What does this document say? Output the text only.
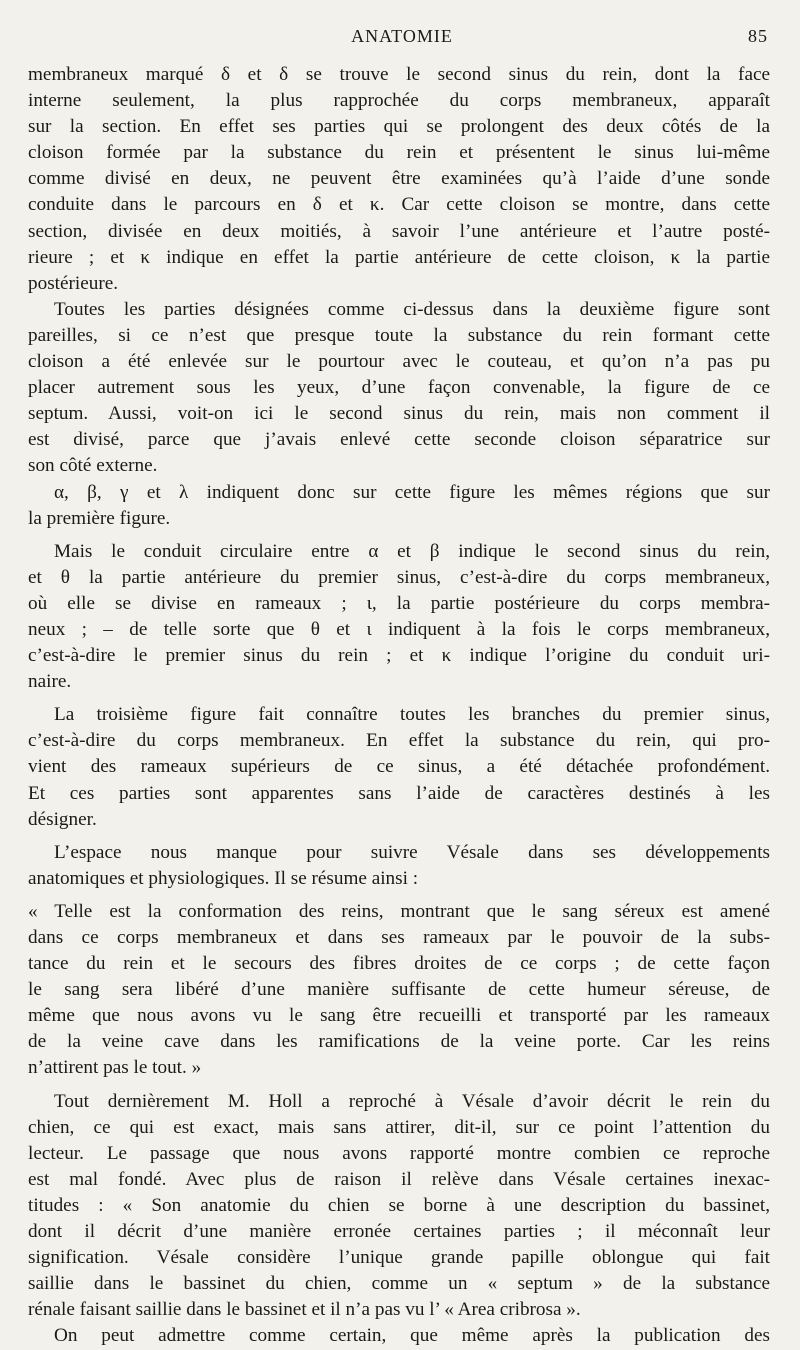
ANATOMIE	85
membraneux marqué δ et δ se trouve le second sinus du rein, dont la face
interne seulement, la plus rapprochée du corps membraneux, apparaît
sur la section. En effet ses parties qui se prolongent des deux côtés de la
cloison formée par la substance du rein et présentent le sinus lui-même
comme divisé en deux, ne peuvent être examinées qu’à l’aide d’une sonde
conduite dans le parcours en δ et κ. Car cette cloison se montre, dans cette
section, divisée en deux moitiés, à savoir l’une antérieure et l’autre posté-
rieure ; et κ indique en effet la partie antérieure de cette cloison, κ la partie
postérieure.
Toutes les parties désignées comme ci-dessus dans la deuxième figure sont
pareilles, si ce n’est que presque toute la substance du rein formant cette
cloison a été enlevée sur le pourtour avec le couteau, et qu’on n’a pas pu
placer autrement sous les yeux, d’une façon convenable, la figure de ce
septum. Aussi, voit-on ici le second sinus du rein, mais non comment il
est divisé, parce que j’avais enlevé cette seconde cloison séparatrice sur
son côté externe.
α, β, γ et λ indiquent donc sur cette figure les mêmes régions que sur
la première figure.
Mais le conduit circulaire entre α et β indique le second sinus du rein,
et θ la partie antérieure du premier sinus, c’est-à-dire du corps membraneux,
où elle se divise en rameaux ; ι, la partie postérieure du corps membra-
neux ; – de telle sorte que θ et ι indiquent à la fois le corps membraneux,
c’est-à-dire le premier sinus du rein ; et κ indique l’origine du conduit uri-
naire.
La troisième figure fait connaître toutes les branches du premier sinus,
c’est-à-dire du corps membraneux. En effet la substance du rein, qui pro-
vient des rameaux supérieurs de ce sinus, a été détachée profondément.
Et ces parties sont apparentes sans l’aide de caractères destinés à les
désigner.
L’espace nous manque pour suivre Vésale dans ses développements
anatomiques et physiologiques. Il se résume ainsi :
« Telle est la conformation des reins, montrant que le sang séreux est amené
dans ce corps membraneux et dans ses rameaux par le pouvoir de la subs-
tance du rein et le secours des fibres droites de ce corps ; de cette façon
le sang sera libéré d’une manière suffisante de cette humeur séreuse, de
même que nous avons vu le sang être recueilli et transporté par les rameaux
de la veine cave dans les ramifications de la veine porte. Car les reins
n’attirent pas le tout. »
Tout dernièrement M. Holl a reproché à Vésale d’avoir décrit le rein du
chien, ce qui est exact, mais sans attirer, dit-il, sur ce point l’attention du
lecteur. Le passage que nous avons rapporté montre combien ce reproche
est mal fondé. Avec plus de raison il relève dans Vésale certaines inexac-
titudes : « Son anatomie du chien se borne à une description du bassinet,
dont il décrit d’une manière erronée certaines parties ; il méconnaît leur
signification. Vésale considère l’unique grande papille oblongue qui fait
saillie dans le bassinet du chien, comme un « septum » de la substance
rénale faisant saillie dans le bassinet et il n’a pas vu l’ « Area cribrosa ».
On peut admettre comme certain, que même après la publication des
